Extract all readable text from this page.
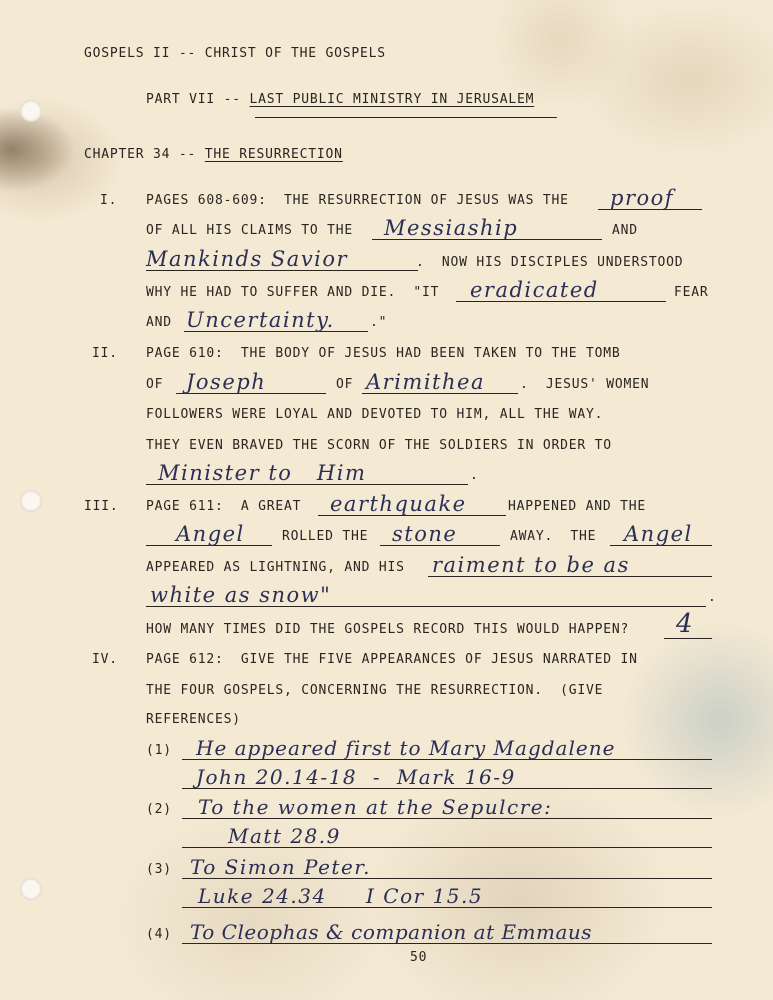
GOSPELS II -- CHRIST OF THE GOSPELS
PART VII -- LAST PUBLIC MINISTRY IN JERUSALEM
CHAPTER 34 -- THE RESURRECTION
I. PAGES 608-609:  THE RESURRECTION OF JESUS WAS THE proof
OF ALL HIS CLAIMS TO THE Messiaship	AND
Mankinds Savior	.  NOW HIS DISCIPLES UNDERSTOOD
WHY HE HAD TO SUFFER AND DIE.  "IT eradicated	FEAR
AND Uncertainty.	."
II. PAGE 610:  THE BODY OF JESUS HAD BEEN TAKEN TO THE TOMB
OF Joseph	OF Arimithea	.  JESUS' WOMEN
FOLLOWERS WERE LOYAL AND DEVOTED TO HIM, ALL THE WAY.
THEY EVEN BRAVED THE SCORN OF THE SOLDIERS IN ORDER TO
Minister to   Him	.
III. PAGE 611:  A GREAT earthquake	HAPPENED AND THE
Angel	ROLLED THE stone	AWAY.  THE Angel
APPEARED AS LIGHTNING, AND HIS raiment to be as
white as snow"	.
HOW MANY TIMES DID THE GOSPELS RECORD THIS WOULD HAPPEN? 4
IV. PAGE 612:  GIVE THE FIVE APPEARANCES OF JESUS NARRATED IN
THE FOUR GOSPELS, CONCERNING THE RESURRECTION.  (GIVE
REFERENCES)
(1) He appeared first to Mary Magdalene
John 20.14-18  -  Mark 16-9
(2) To the women at the Sepulcre:
Matt 28.9
(3) To Simon Peter.
Luke 24.34     I Cor 15.5
(4) To Cleophas & companion at Emmaus
50
